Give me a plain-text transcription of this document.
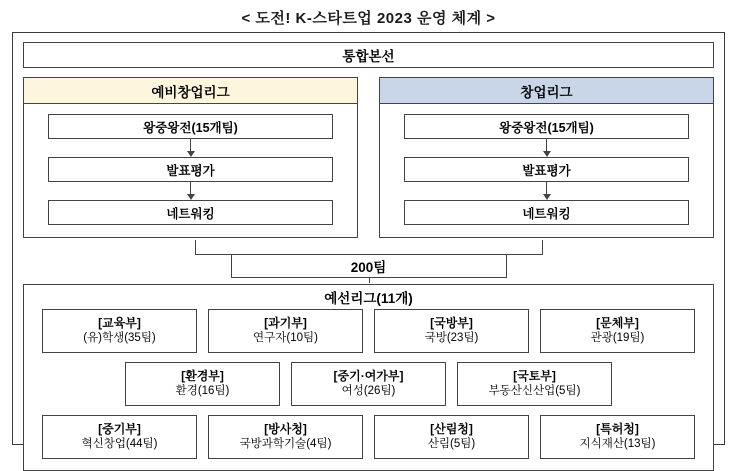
< 도전! K-스타트업 2023 운영 체계 >
통합본선
예비창업리그
왕중왕전(15개팀)
발표평가
네트워킹
창업리그
왕중왕전(15개팀)
발표평가
네트워킹
200팀
예선리그(11개)
[교육부]
(유)학생(35팀)
[과기부]
연구자(10팀)
[국방부]
국방(23팀)
[문체부]
관광(19팀)
[환경부]
환경(16팀)
[중기·여가부]
여성(26팀)
[국토부]
부동산신산업(5팀)
[중기부]
혁신창업(44팀)
[방사청]
국방과학기술(4팀)
[산림청]
산림(5팀)
[특허청]
지식재산(13팀)
